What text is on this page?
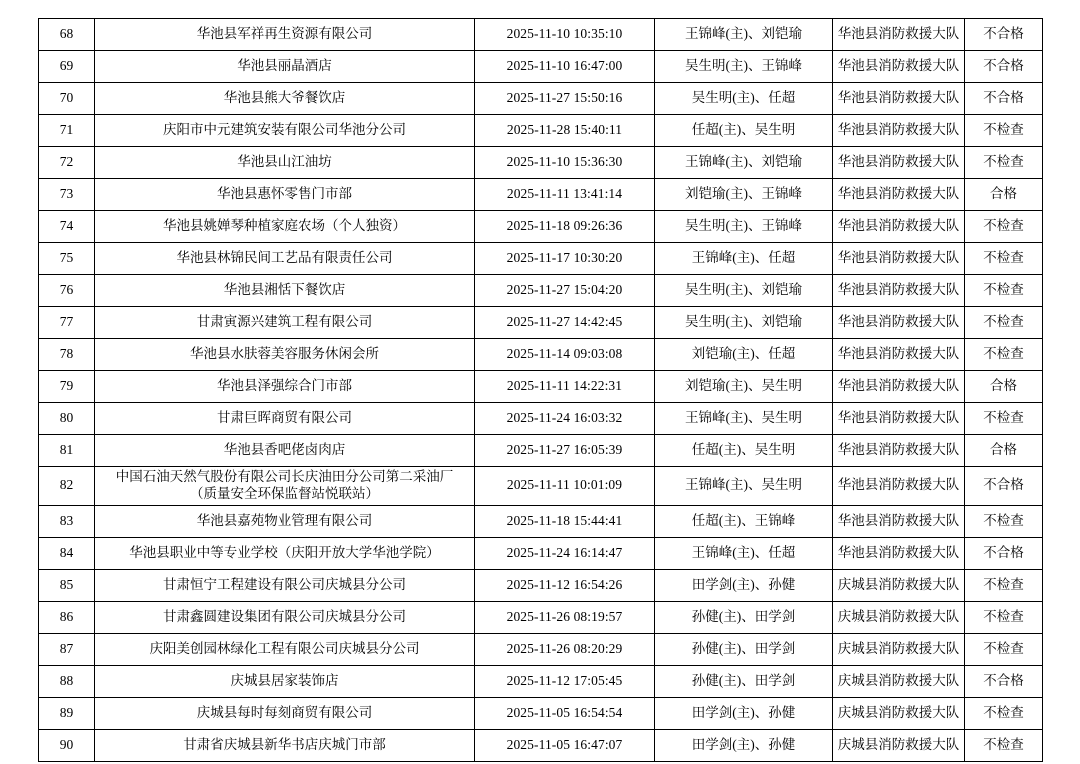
68	华池县军祥再生资源有限公司	2025-11-10 10:35:10	王锦峰(主)、刘铠瑜	华池县消防救援大队	不合格
69	华池县丽晶酒店	2025-11-10 16:47:00	吴生明(主)、王锦峰	华池县消防救援大队	不合格
70	华池县熊大爷餐饮店	2025-11-27 15:50:16	吴生明(主)、任超	华池县消防救援大队	不合格
71	庆阳市中元建筑安装有限公司华池分公司	2025-11-28 15:40:11	任超(主)、吴生明	华池县消防救援大队	不检查
72	华池县山江油坊	2025-11-10 15:36:30	王锦峰(主)、刘铠瑜	华池县消防救援大队	不检查
73	华池县惠怀零售门市部	2025-11-11 13:41:14	刘铠瑜(主)、王锦峰	华池县消防救援大队	合格
74	华池县姚婵琴种植家庭农场（个人独资）	2025-11-18 09:26:36	吴生明(主)、王锦峰	华池县消防救援大队	不检查
75	华池县林锦民间工艺品有限责任公司	2025-11-17 10:30:20	王锦峰(主)、任超	华池县消防救援大队	不检查
76	华池县湘恬下餐饮店	2025-11-27 15:04:20	吴生明(主)、刘铠瑜	华池县消防救援大队	不检查
77	甘肃寅源兴建筑工程有限公司	2025-11-27 14:42:45	吴生明(主)、刘铠瑜	华池县消防救援大队	不检查
78	华池县水肤蓉美容服务休闲会所	2025-11-14 09:03:08	刘铠瑜(主)、任超	华池县消防救援大队	不检查
79	华池县泽强综合门市部	2025-11-11 14:22:31	刘铠瑜(主)、吴生明	华池县消防救援大队	合格
80	甘肃巨晖商贸有限公司	2025-11-24 16:03:32	王锦峰(主)、吴生明	华池县消防救援大队	不检查
81	华池县香吧佬卤肉店	2025-11-27 16:05:39	任超(主)、吴生明	华池县消防救援大队	合格
82	中国石油天然气股份有限公司长庆油田分公司第二采油厂
（质量安全环保监督站悦联站）	2025-11-11 10:01:09	王锦峰(主)、吴生明	华池县消防救援大队	不合格
83	华池县嘉苑物业管理有限公司	2025-11-18 15:44:41	任超(主)、王锦峰	华池县消防救援大队	不检查
84	华池县职业中等专业学校（庆阳开放大学华池学院）	2025-11-24 16:14:47	王锦峰(主)、任超	华池县消防救援大队	不合格
85	甘肃恒宁工程建设有限公司庆城县分公司	2025-11-12 16:54:26	田学剑(主)、孙健	庆城县消防救援大队	不检查
86	甘肃鑫圆建设集团有限公司庆城县分公司	2025-11-26 08:19:57	孙健(主)、田学剑	庆城县消防救援大队	不检查
87	庆阳美创园林绿化工程有限公司庆城县分公司	2025-11-26 08:20:29	孙健(主)、田学剑	庆城县消防救援大队	不检查
88	庆城县居家装饰店	2025-11-12 17:05:45	孙健(主)、田学剑	庆城县消防救援大队	不合格
89	庆城县每时每刻商贸有限公司	2025-11-05 16:54:54	田学剑(主)、孙健	庆城县消防救援大队	不检查
90	甘肃省庆城县新华书店庆城门市部	2025-11-05 16:47:07	田学剑(主)、孙健	庆城县消防救援大队	不检查
